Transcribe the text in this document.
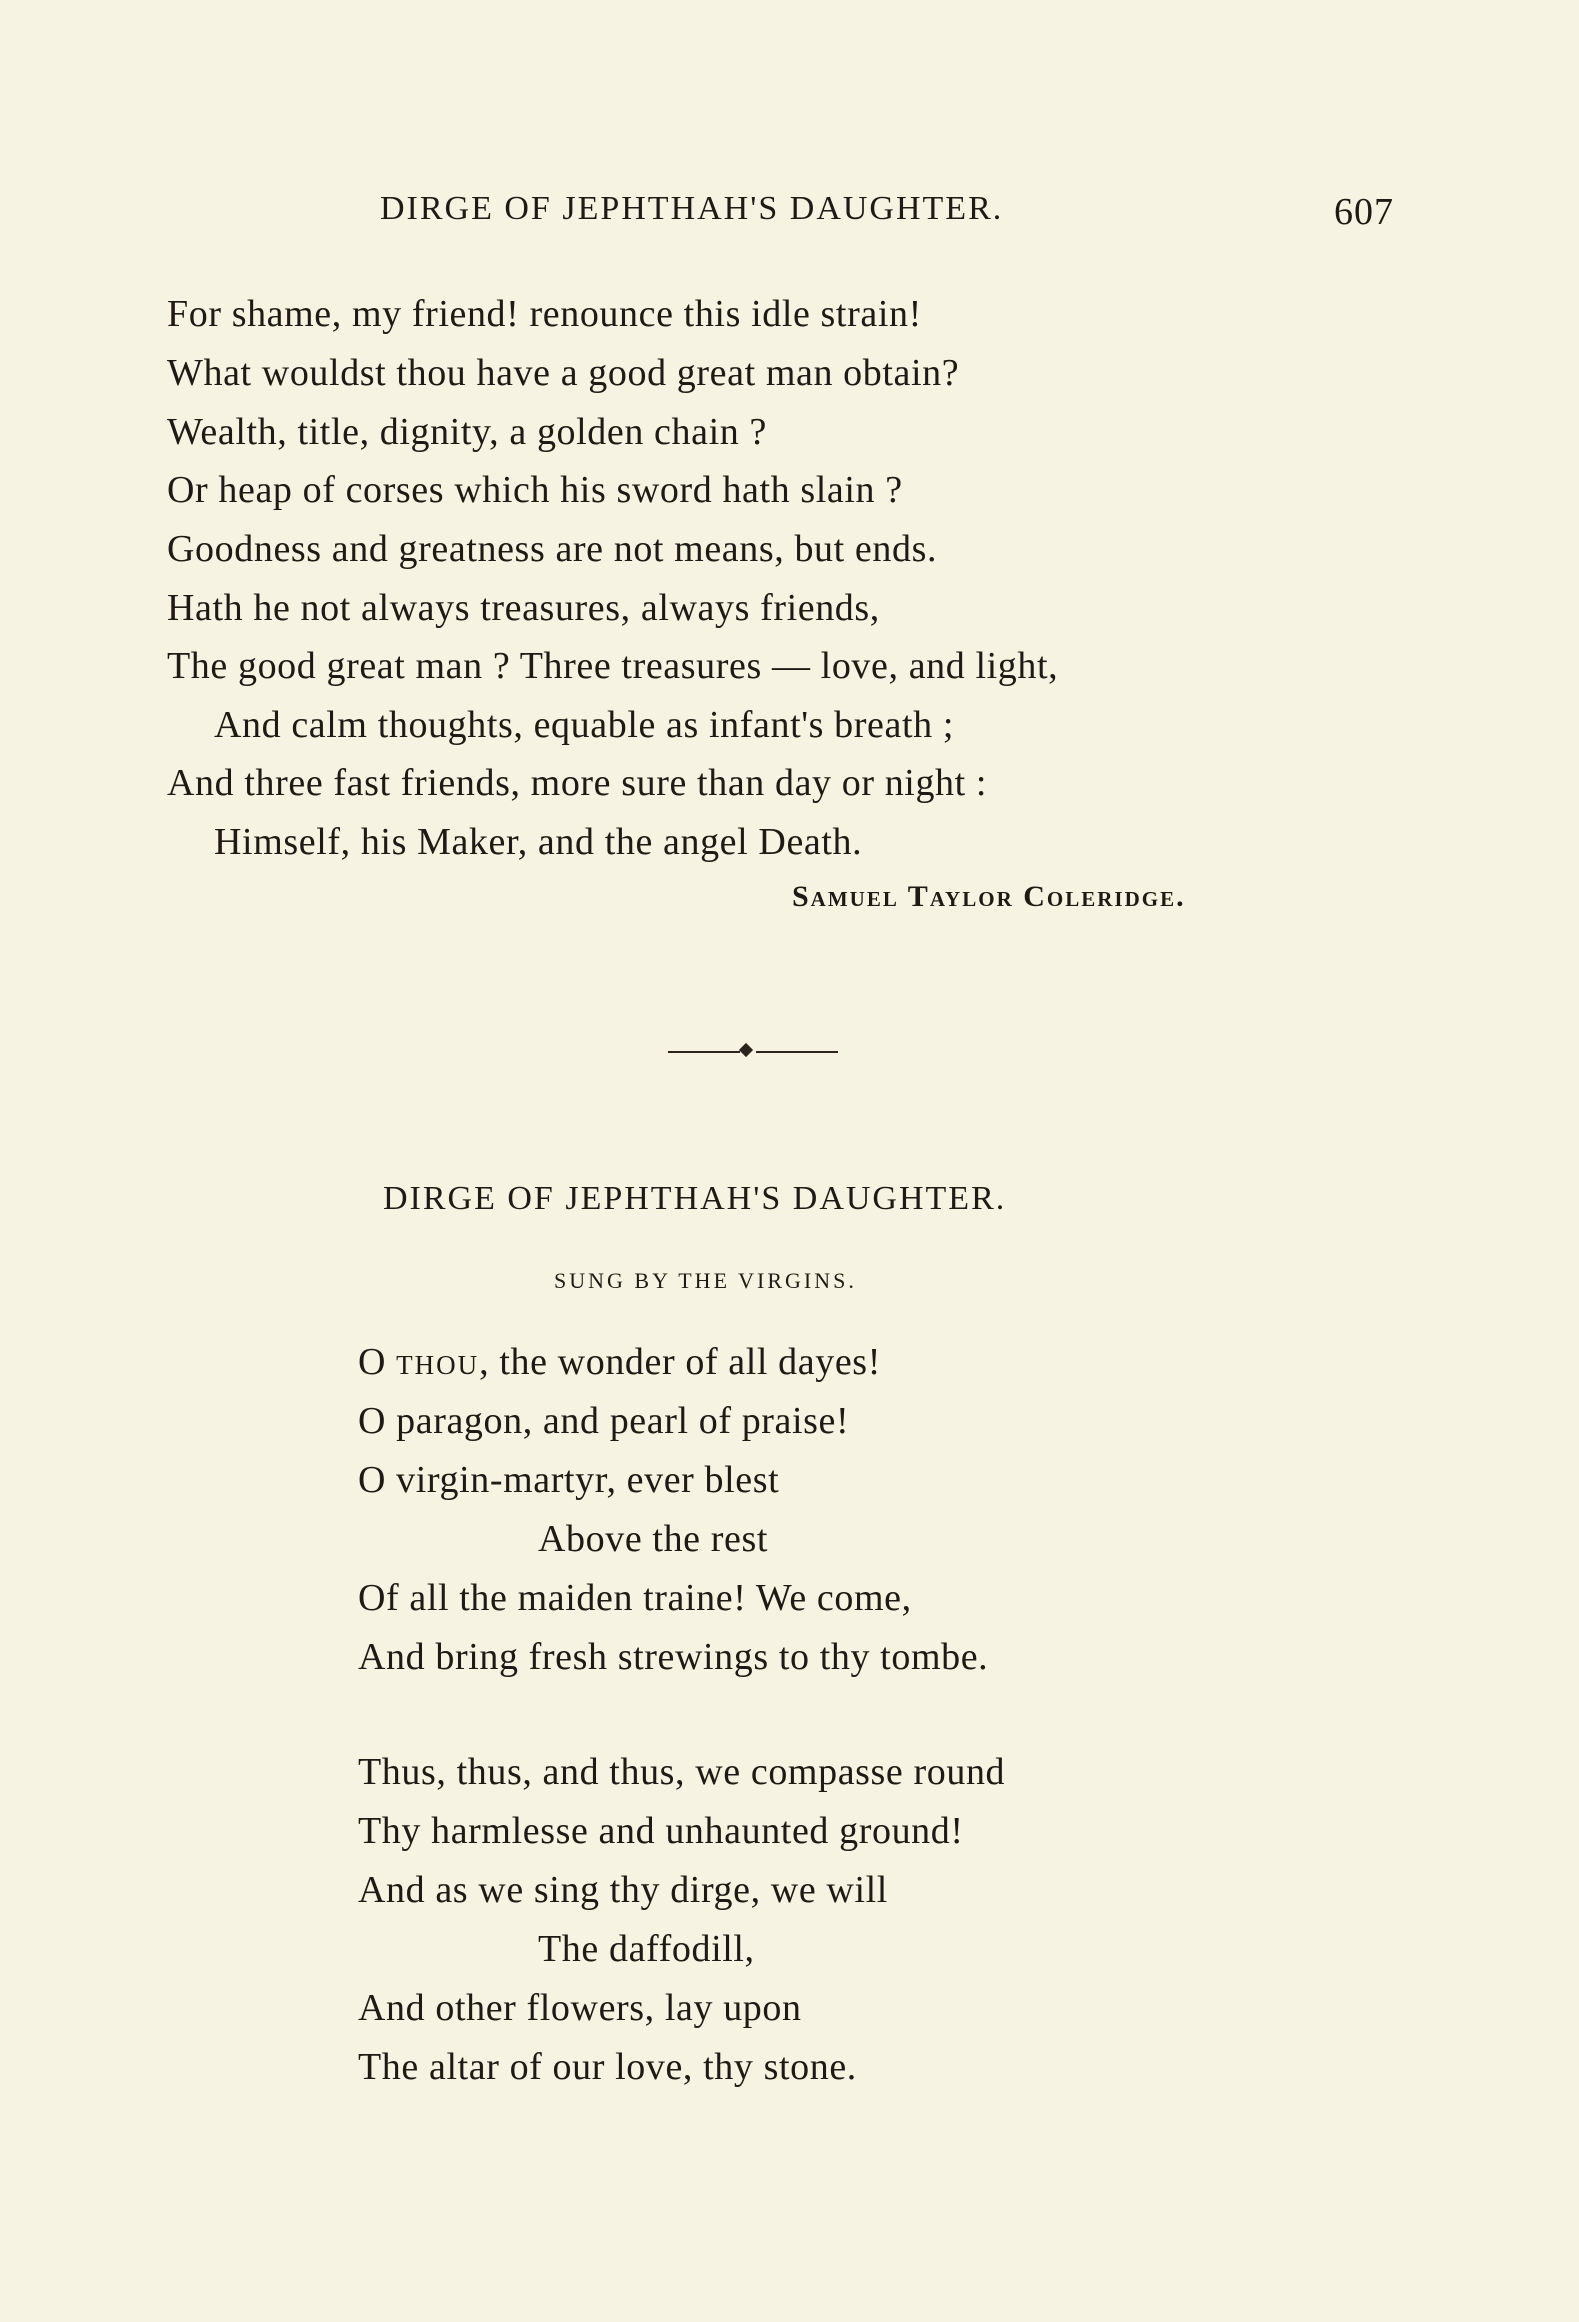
DIRGE OF JEPHTHAH'S DAUGHTER.	607
For shame, my friend! renounce this idle strain!
What wouldst thou have a good great man obtain?
Wealth, title, dignity, a golden chain ?
Or heap of corses which his sword hath slain ?
Goodness and greatness are not means, but ends.
Hath he not always treasures, always friends,
The good great man ? Three treasures — love, and light,
And calm thoughts, equable as infant's breath ;
And three fast friends, more sure than day or night :
Himself, his Maker, and the angel Death.
Samuel Taylor Coleridge.
DIRGE OF JEPHTHAH'S DAUGHTER.
SUNG BY THE VIRGINS.
O thou, the wonder of all dayes!
O paragon, and pearl of praise!
O virgin-martyr, ever blest
Above the rest
Of all the maiden traine! We come,
And bring fresh strewings to thy tombe.
Thus, thus, and thus, we compasse round
Thy harmlesse and unhaunted ground!
And as we sing thy dirge, we will
The daffodill,
And other flowers, lay upon
The altar of our love, thy stone.
